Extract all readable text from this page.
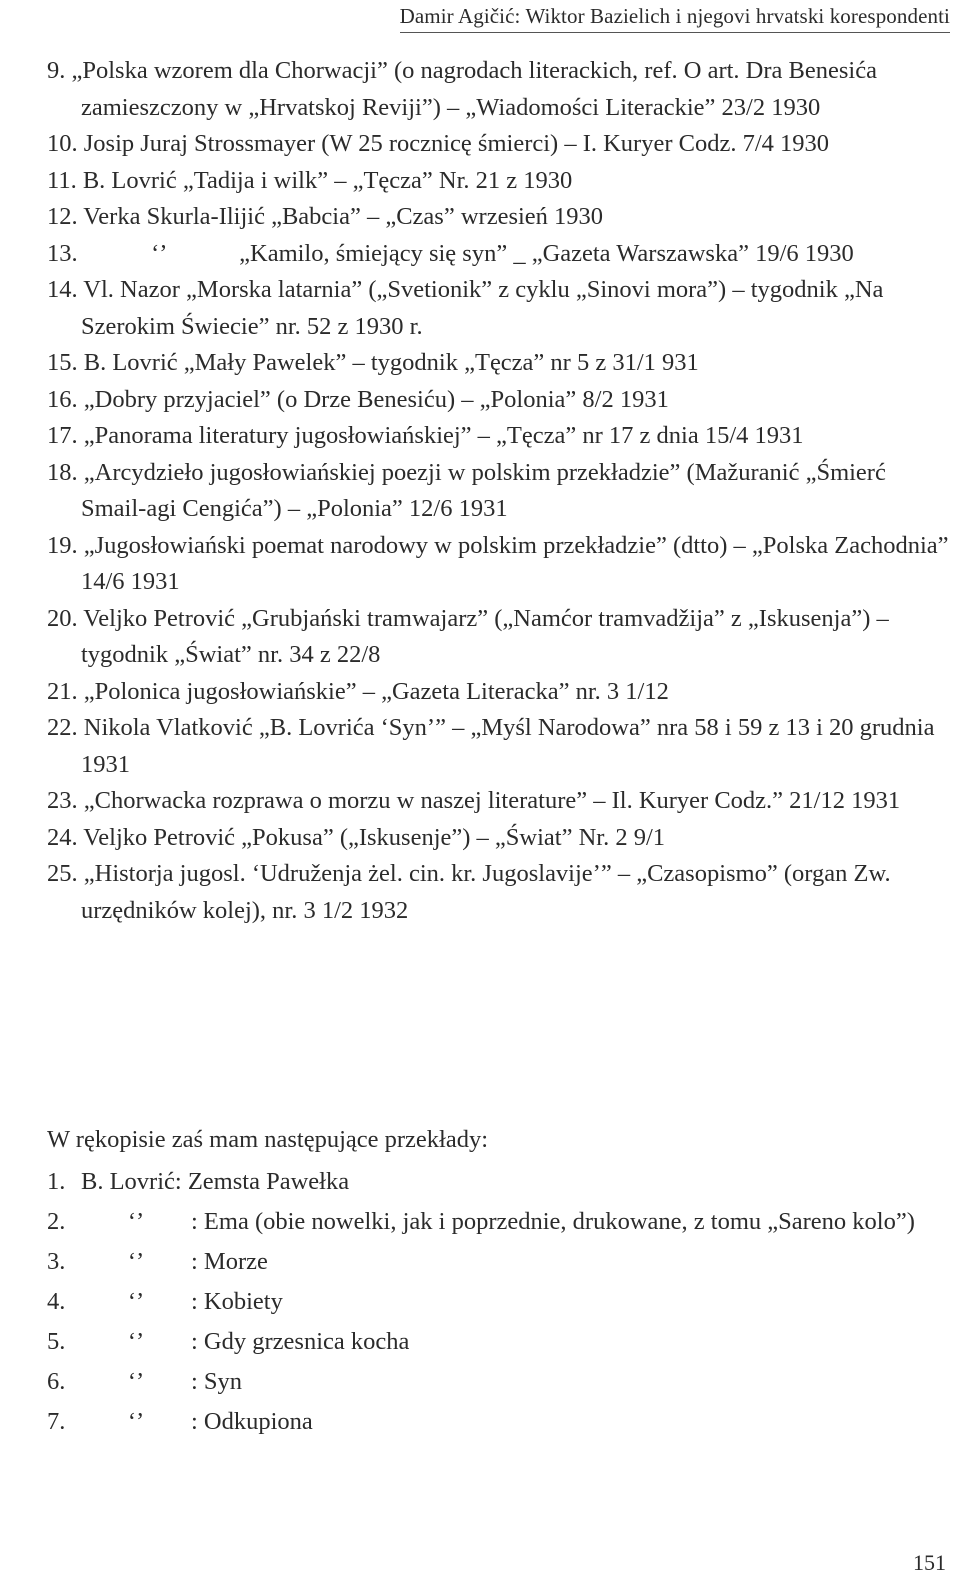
Damir Agičić: Wiktor Bazielich i njegovi hrvatski korespondenti
9. „Polska wzorem dla Chorwacji” (o nagrodach literackich, ref. O art. Dra Benesića zamieszczony w „Hrvatskoj Reviji”) – „Wiadomości Literackie” 23/2 1930
10. Josip Juraj Strossmayer (W 25 rocznicę śmierci) – I. Kuryer Codz. 7/4 1930
11. B. Lovrić „Tadija i wilk” – „Tęcza” Nr. 21 z 1930
12. Verka Skurla-Ilijić „Babcia” – „Czas” wrzesień 1930
13.            ‘’            „Kamilo, śmiejący się syn” _ „Gazeta Warszawska” 19/6 1930
14. Vl. Nazor „Morska latarnia” („Svetionik” z cyklu „Sinovi mora”) – tygodnik „Na Szerokim Świecie” nr. 52 z 1930 r.
15. B. Lovrić „Mały Pawelek” – tygodnik „Tęcza” nr 5 z 31/1 931
16. „Dobry przyjaciel” (o Drze Benesiću) – „Polonia” 8/2 1931
17. „Panorama literatury jugosłowiańskiej” – „Tęcza” nr 17 z dnia 15/4 1931
18. „Arcydzieło jugosłowiańskiej poezji w polskim przekładzie” (Mažuranić „Śmierć Smail-agi Cengića”) – „Polonia” 12/6 1931
19. „Jugosłowiański poemat narodowy w polskim przekładzie” (dtto) – „Polska Zachodnia” 14/6 1931
20. Veljko Petrović „Grubjański tramwajarz” („Namćor tramvadžija” z „Iskusenja”) – tygodnik „Świat” nr. 34 z 22/8
21. „Polonica jugosłowiańskie” – „Gazeta Literacka” nr. 3 1/12
22. Nikola Vlatković „B. Lovrića ‘Syn’” – „Myśl Narodowa” nra 58 i 59 z 13 i 20 grudnia 1931
23. „Chorwacka rozprawa o morzu w naszej literature” – Il. Kuryer Codz.” 21/12 1931
24. Veljko Petrović „Pokusa” („Iskusenje”) – „Świat” Nr. 2 9/1
25. „Historja jugosl. ‘Udruženja żel. cin. kr. Jugoslavije’” – „Czasopismo” (organ Zw. urzędników kolej), nr. 3 1/2 1932
W rękopisie zaś mam następujące przekłady:
1. B. Lovrić: Zemsta Pawełka
2.	‘’ : Ema (obie nowelki, jak i poprzednie, drukowane, z tomu „Sareno kolo”)
3.	‘’ : Morze
4.	‘’ : Kobiety
5.	‘’ : Gdy grzesnica kocha
6.	‘’ : Syn
7.	‘’ : Odkupiona
151
